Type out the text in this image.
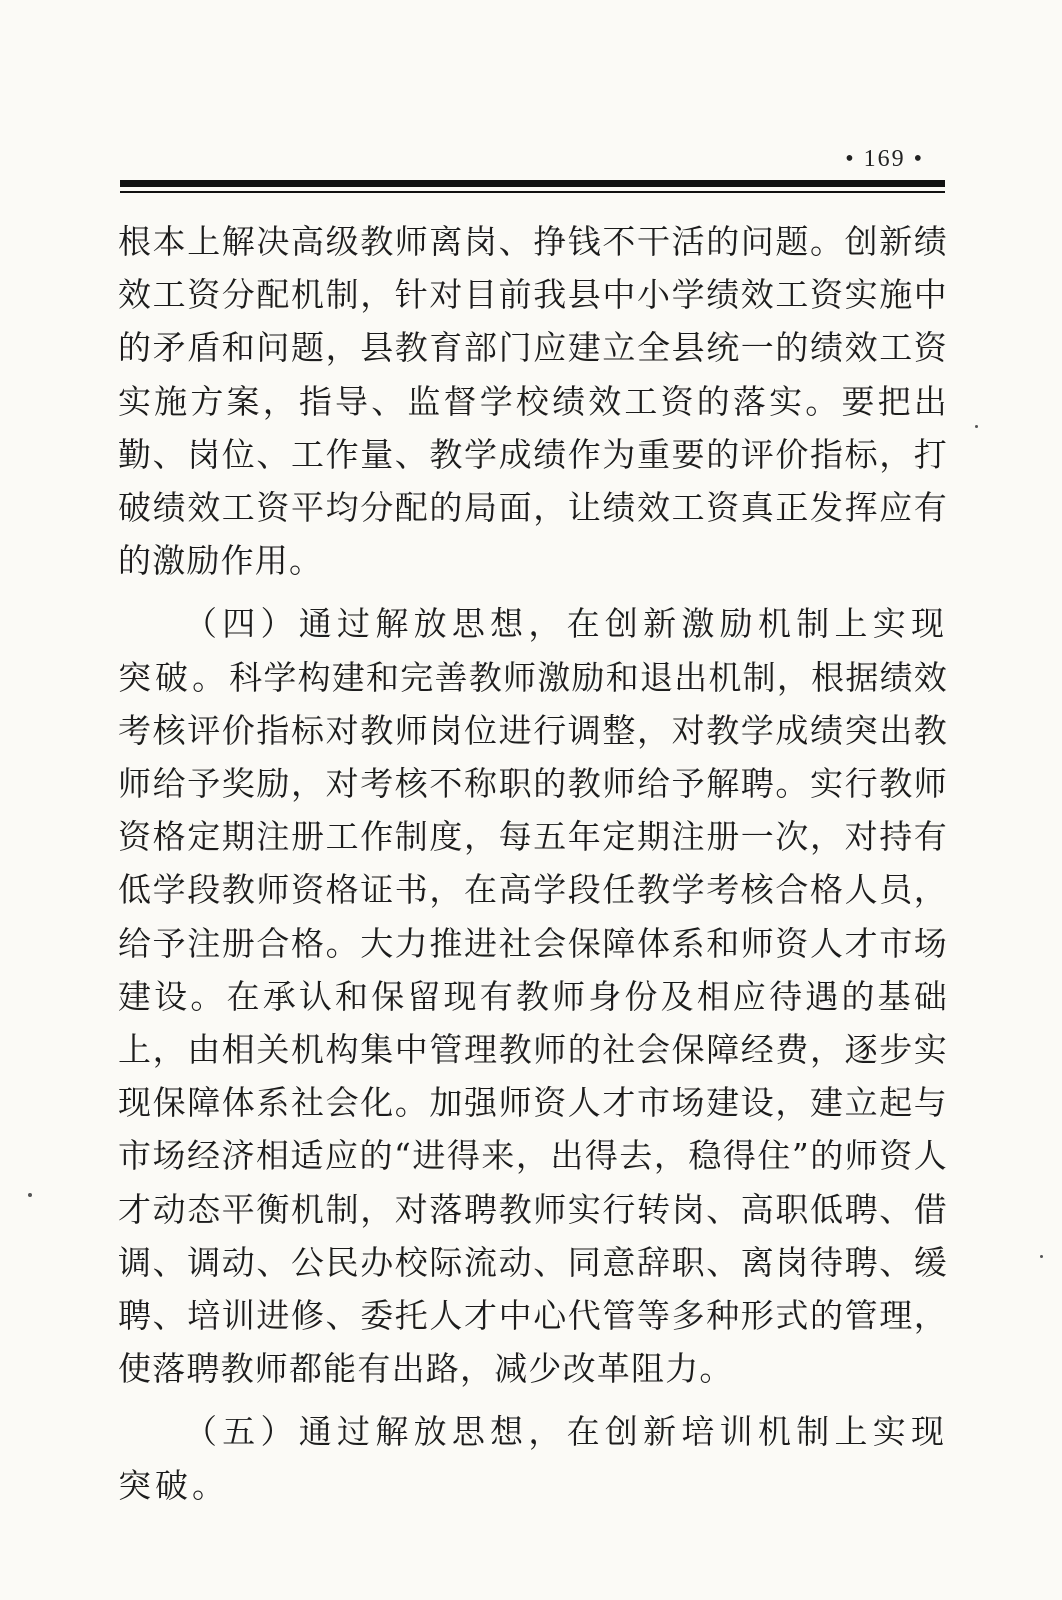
• 169 •

根本上解决高级教师离岗、挣钱不干活的问题。创新绩效工资分配机制，针对目前我县中小学绩效工资实施中的矛盾和问题，县教育部门应建立全县统一的绩效工资实施方案，指导、监督学校绩效工资的落实。要把出勤、岗位、工作量、教学成绩作为重要的评价指标，打破绩效工资平均分配的局面，让绩效工资真正发挥应有的激励作用。

（四）通过解放思想，在创新激励机制上实现突破。科学构建和完善教师激励和退出机制，根据绩效考核评价指标对教师岗位进行调整，对教学成绩突出教师给予奖励，对考核不称职的教师给予解聘。实行教师资格定期注册工作制度，每五年定期注册一次，对持有低学段教师资格证书，在高学段任教学考核合格人员，给予注册合格。大力推进社会保障体系和师资人才市场建设。在承认和保留现有教师身份及相应待遇的基础上，由相关机构集中管理教师的社会保障经费，逐步实现保障体系社会化。加强师资人才市场建设，建立起与市场经济相适应的“进得来，出得去，稳得住”的师资人才动态平衡机制，对落聘教师实行转岗、高职低聘、借调、调动、公民办校际流动、同意辞职、离岗待聘、缓聘、培训进修、委托人才中心代管等多种形式的管理，使落聘教师都能有出路，减少改革阻力。

（五）通过解放思想，在创新培训机制上实现突破。
